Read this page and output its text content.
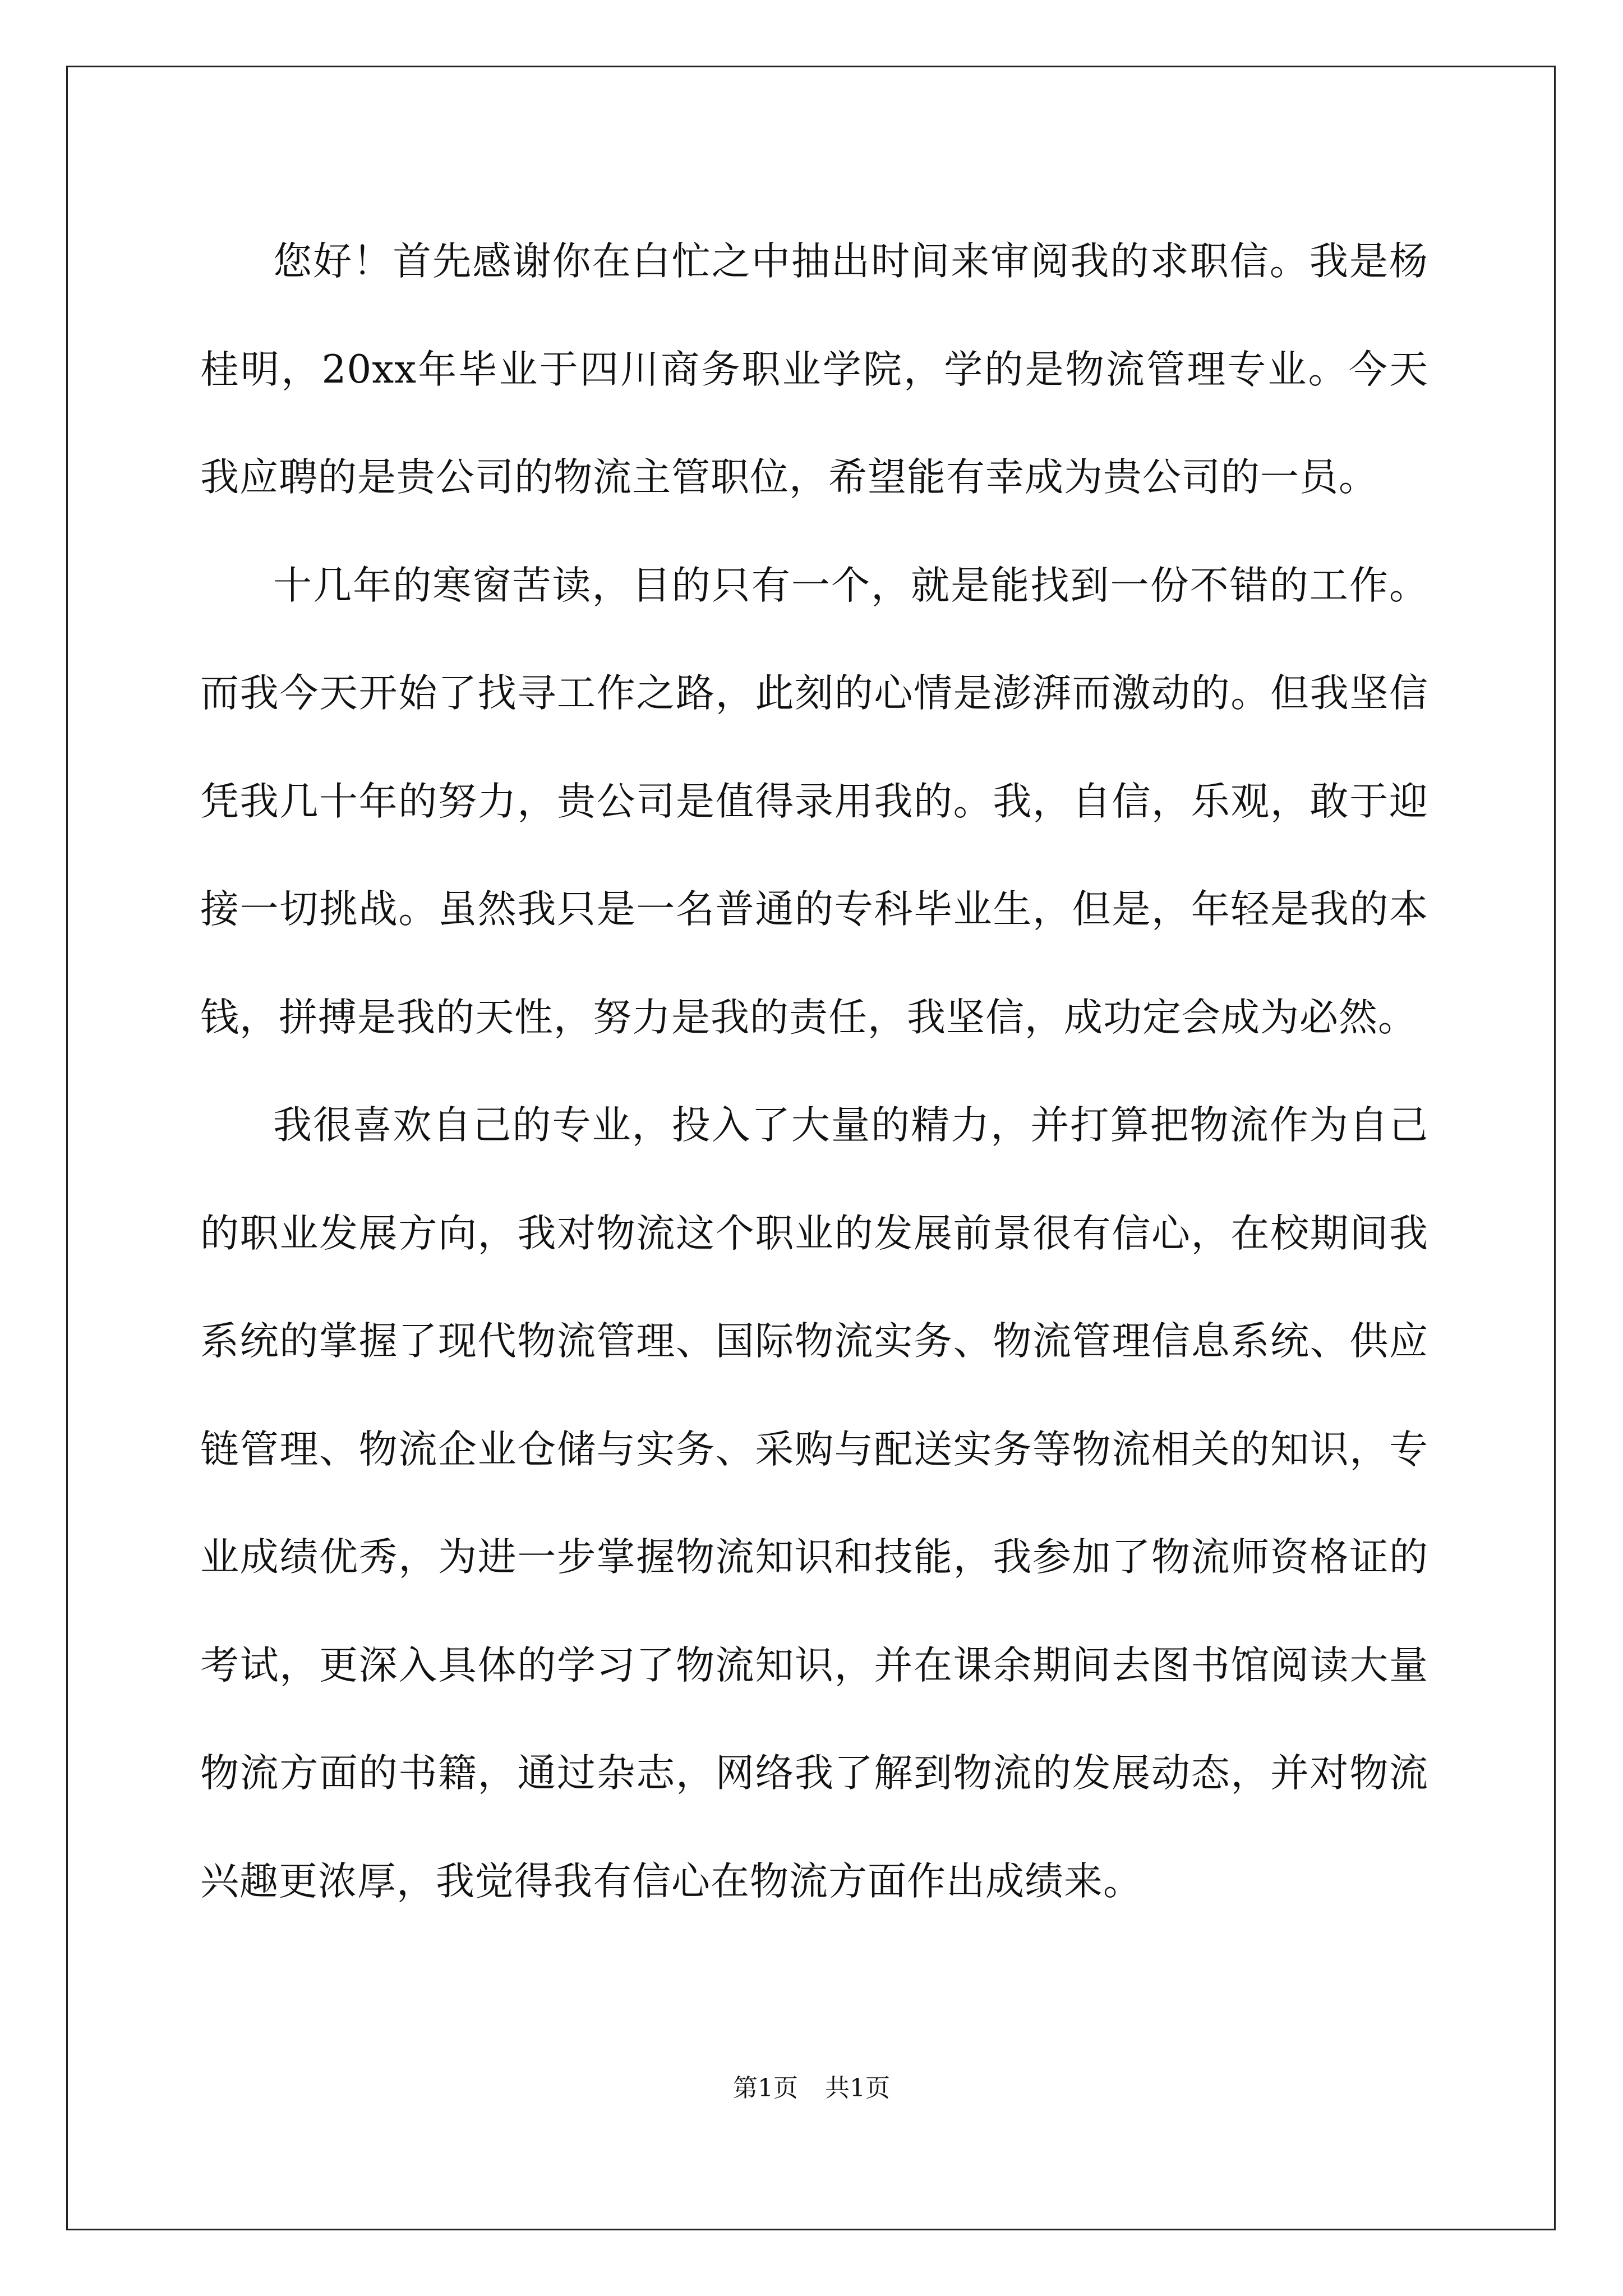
您好！首先感谢你在白忙之中抽出时间来审阅我的求职信。我是杨桂明，20xx年毕业于四川商务职业学院，学的是物流管理专业。今天我应聘的是贵公司的物流主管职位，希望能有幸成为贵公司的一员。

十几年的寒窗苦读，目的只有一个，就是能找到一份不错的工作。而我今天开始了找寻工作之路，此刻的心情是澎湃而激动的。但我坚信凭我几十年的努力，贵公司是值得录用我的。我，自信，乐观，敢于迎接一切挑战。虽然我只是一名普通的专科毕业生，但是，年轻是我的本钱，拼搏是我的天性，努力是我的责任，我坚信，成功定会成为必然。

我很喜欢自己的专业，投入了大量的精力，并打算把物流作为自己的职业发展方向，我对物流这个职业的发展前景很有信心，在校期间我系统的掌握了现代物流管理、国际物流实务、物流管理信息系统、供应链管理、物流企业仓储与实务、采购与配送实务等物流相关的知识，专业成绩优秀，为进一步掌握物流知识和技能，我参加了物流师资格证的考试，更深入具体的学习了物流知识，并在课余期间去图书馆阅读大量物流方面的书籍，通过杂志，网络我了解到物流的发展动态，并对物流兴趣更浓厚，我觉得我有信心在物流方面作出成绩来。

第1页 共1页
